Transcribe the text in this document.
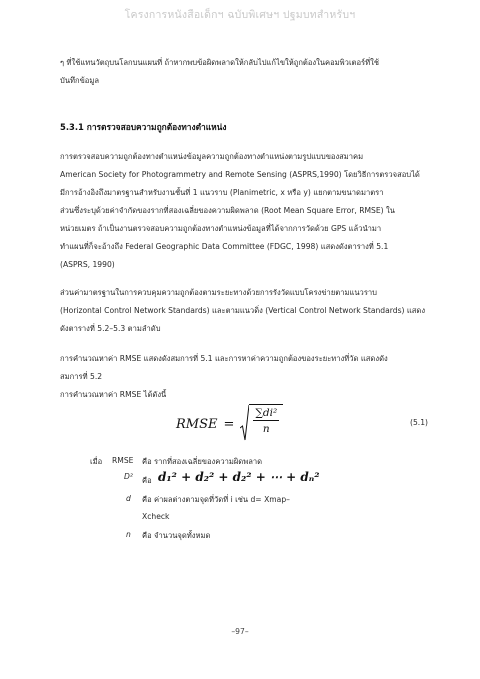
โครงการหนังสือเด็กฯ ฉบับพิเศษฯ ปฐมบทสำหรับฯ

ๆ ที่ใช้แทนวัตถุบนโลกบนแผนที่ ถ้าหากพบข้อผิดพลาดให้กลับไปแก้ไขให้ถูกต้องในคอมพิวเตอร์ที่ใช้

บันทึกข้อมูล

5.3.1 การตรวจสอบความถูกต้องทางตำแหน่ง

การตรวจสอบความถูกต้องทางตำแหน่งข้อมูลความถูกต้องทางตำแหน่งตามรูปแบบของสมาคม

American Society for Photogrammetry and Remote Sensing (ASPRS,1990) โดยวิธีการตรวจสอบได้

มีการอ้างอิงถึงมาตรฐานสำหรับงานชั้นที่ 1 แนวราบ (Planimetric, x หรือ y) แยกตามขนาดมาตรา

ส่วนซึ่งระบุด้วยค่าจำกัดของรากที่สองเฉลี่ยของความผิดพลาด (Root Mean Square Error, RMSE) ใน

หน่วยเมตร ถ้าเป็นงานตรวจสอบความถูกต้องทางตำแหน่งข้อมูลที่ได้จากการวัดด้วย GPS แล้วนำมา

ทำแผนที่ก็จะอ้างถึง Federal Geographic Data Committee (FDGC, 1998) แสดงดังตารางที่ 5.1

(ASPRS, 1990)

ส่วนค่ามาตรฐานในการควบคุมความถูกต้องตามระยะทางด้วยการรังวัดแบบโครงข่ายตามแนวราบ

(Horizontal Control Network Standards) และตามแนวดิ่ง (Vertical Control Network Standards) แสดง

ดังตารางที่ 5.2–5.3 ตามลำดับ

การคำนวณหาค่า RMSE แสดงดังสมการที่ 5.1 และการหาค่าความถูกต้องของระยะทางที่วัด แสดงดัง

สมการที่ 5.2

การคำนวณหาค่า RMSE ได้ดังนี้

RMSE = $\frac{\text{∑di²}}{n}$	(5.1)
เมื่อ RMSE คือ รากที่สองเฉลี่ยของความผิดพลาด
D² คือ d₁² + d₂² + d₂² + ⋯ + dₙ²
d คือ ค่าผลต่างตามจุดที่วัดที่ i เช่น d= Xmap–
Xcheck
n คือ จำนวนจุดทั้งหมด
–97–
